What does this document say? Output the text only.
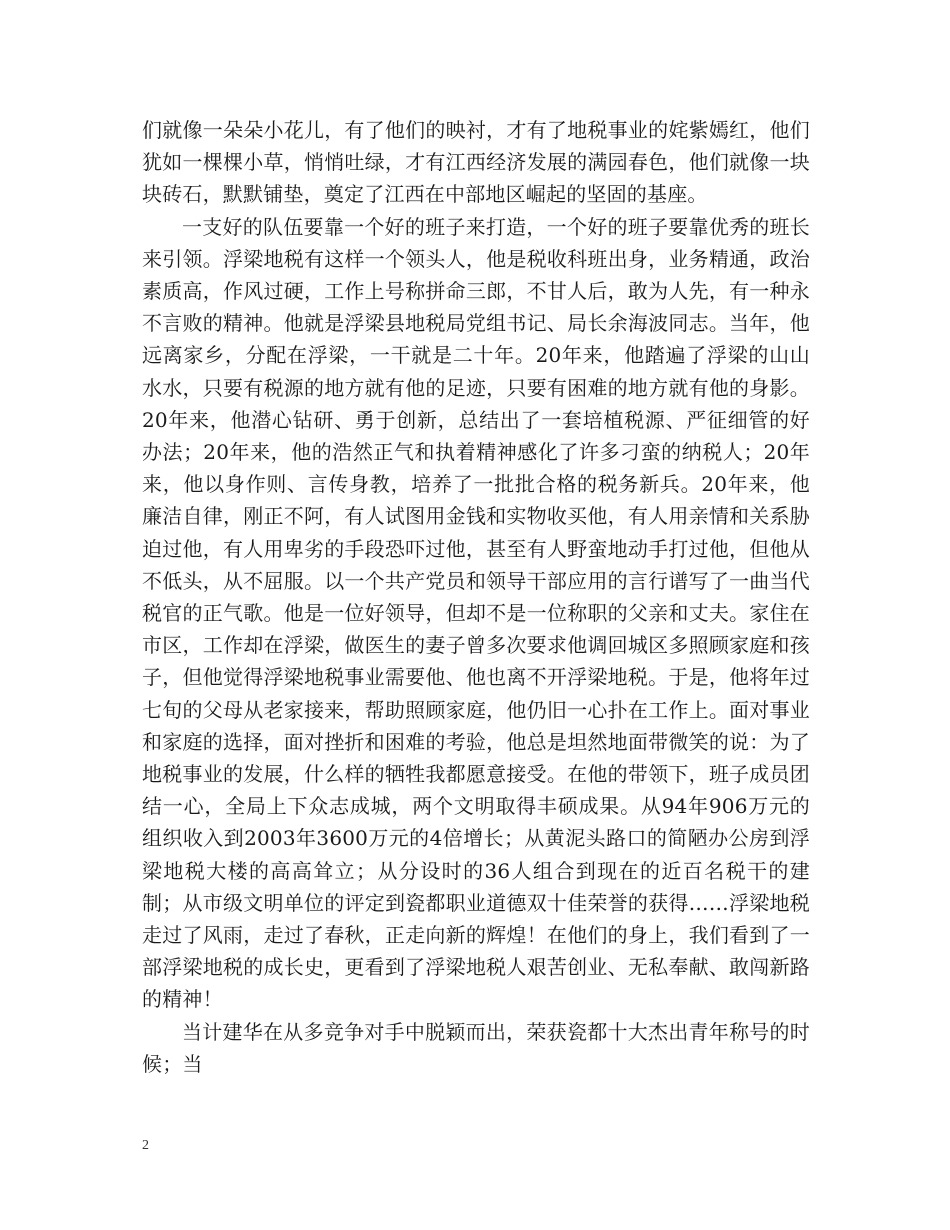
们就像一朵朵小花儿，有了他们的映衬，才有了地税事业的姹紫嫣红，他们犹如一棵棵小草，悄悄吐绿，才有江西经济发展的满园春色，他们就像一块块砖石，默默铺垫，奠定了江西在中部地区崛起的坚固的基座。

一支好的队伍要靠一个好的班子来打造，一个好的班子要靠优秀的班长来引领。浮梁地税有这样一个领头人，他是税收科班出身，业务精通，政治素质高，作风过硬，工作上号称拼命三郎，不甘人后，敢为人先，有一种永不言败的精神。他就是浮梁县地税局党组书记、局长余海波同志。当年，他远离家乡，分配在浮梁，一干就是二十年。20年来，他踏遍了浮梁的山山水水，只要有税源的地方就有他的足迹，只要有困难的地方就有他的身影。20年来，他潜心钻研、勇于创新，总结出了一套培植税源、严征细管的好办法；20年来，他的浩然正气和执着精神感化了许多刁蛮的纳税人；20年来，他以身作则、言传身教，培养了一批批合格的税务新兵。20年来，他廉洁自律，刚正不阿，有人试图用金钱和实物收买他，有人用亲情和关系胁迫过他，有人用卑劣的手段恐吓过他，甚至有人野蛮地动手打过他，但他从不低头，从不屈服。以一个共产党员和领导干部应用的言行谱写了一曲当代税官的正气歌。他是一位好领导，但却不是一位称职的父亲和丈夫。家住在市区，工作却在浮梁，做医生的妻子曾多次要求他调回城区多照顾家庭和孩子，但他觉得浮梁地税事业需要他、他也离不开浮梁地税。于是，他将年过七旬的父母从老家接来，帮助照顾家庭，他仍旧一心扑在工作上。面对事业和家庭的选择，面对挫折和困难的考验，他总是坦然地面带微笑的说：为了地税事业的发展，什么样的牺牲我都愿意接受。在他的带领下，班子成员团结一心，全局上下众志成城，两个文明取得丰硕成果。从94年906万元的组织收入到2003年3600万元的4倍增长；从黄泥头路口的简陋办公房到浮梁地税大楼的高高耸立；从分设时的36人组合到现在的近百名税干的建制；从市级文明单位的评定到瓷都职业道德双十佳荣誉的获得……浮梁地税走过了风雨，走过了春秋，正走向新的辉煌！在他们的身上，我们看到了一部浮梁地税的成长史，更看到了浮梁地税人艰苦创业、无私奉献、敢闯新路的精神！

当计建华在从多竞争对手中脱颖而出，荣获瓷都十大杰出青年称号的时候；当

2
